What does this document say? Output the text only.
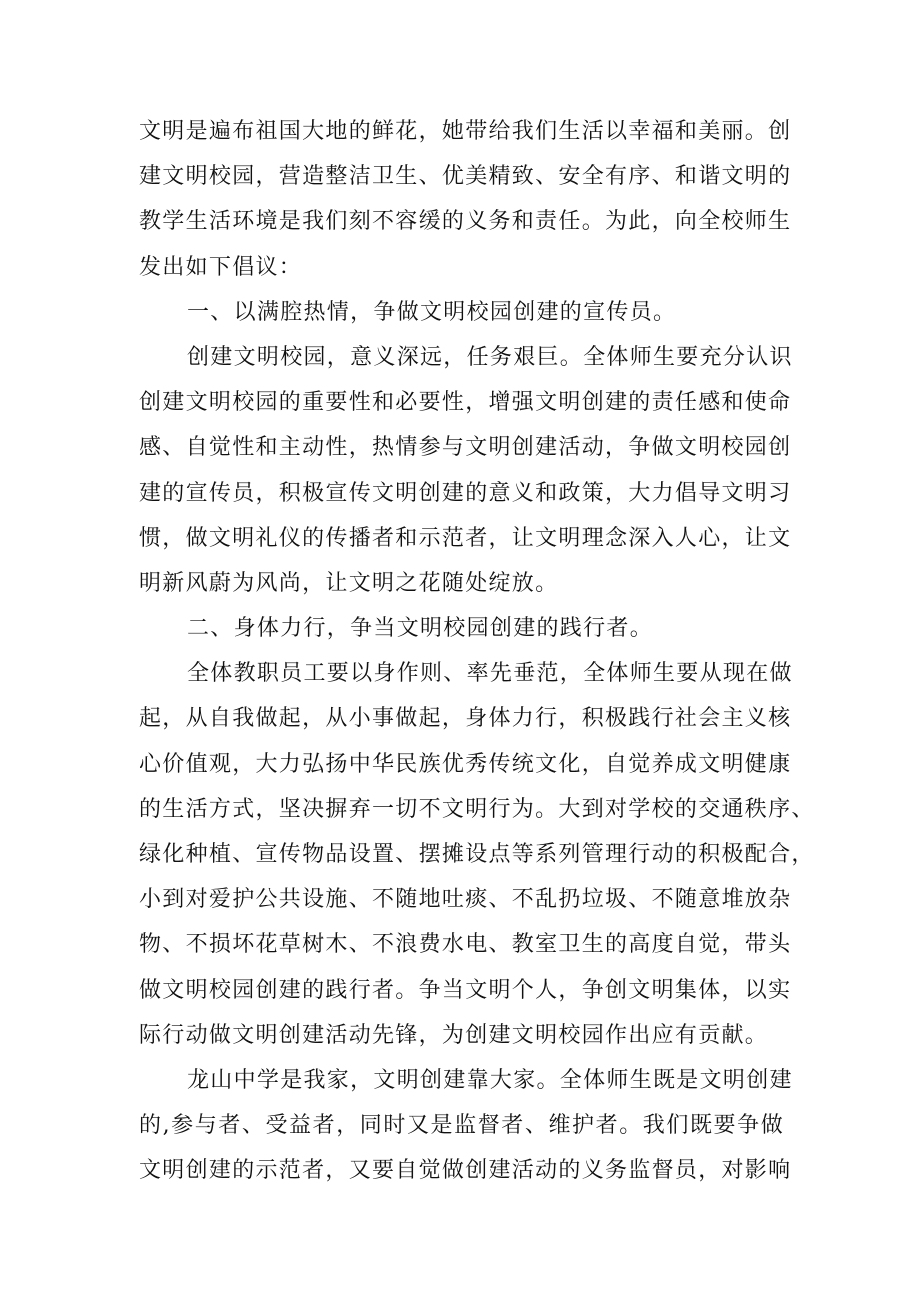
文明是遍布祖国大地的鲜花，她带给我们生活以幸福和美丽。创
建文明校园，营造整洁卫生、优美精致、安全有序、和谐文明的
教学生活环境是我们刻不容缓的义务和责任。为此，向全校师生
发出如下倡议：
一、以满腔热情，争做文明校园创建的宣传员。
创建文明校园，意义深远，任务艰巨。全体师生要充分认识
创建文明校园的重要性和必要性，增强文明创建的责任感和使命
感、自觉性和主动性，热情参与文明创建活动，争做文明校园创
建的宣传员，积极宣传文明创建的意义和政策，大力倡导文明习
惯，做文明礼仪的传播者和示范者，让文明理念深入人心，让文
明新风蔚为风尚，让文明之花随处绽放。
二、身体力行，争当文明校园创建的践行者。
全体教职员工要以身作则、率先垂范，全体师生要从现在做
起，从自我做起，从小事做起，身体力行，积极践行社会主义核
心价值观，大力弘扬中华民族优秀传统文化，自觉养成文明健康
的生活方式，坚决摒弃一切不文明行为。大到对学校的交通秩序、
绿化种植、宣传物品设置、摆摊设点等系列管理行动的积极配合，
小到对爱护公共设施、不随地吐痰、不乱扔垃圾、不随意堆放杂
物、不损坏花草树木、不浪费水电、教室卫生的高度自觉，带头
做文明校园创建的践行者。争当文明个人，争创文明集体，以实
际行动做文明创建活动先锋，为创建文明校园作出应有贡献。
龙山中学是我家，文明创建靠大家。全体师生既是文明创建
的,参与者、受益者，同时又是监督者、维护者。我们既要争做
文明创建的示范者，又要自觉做创建活动的义务监督员，对影响
